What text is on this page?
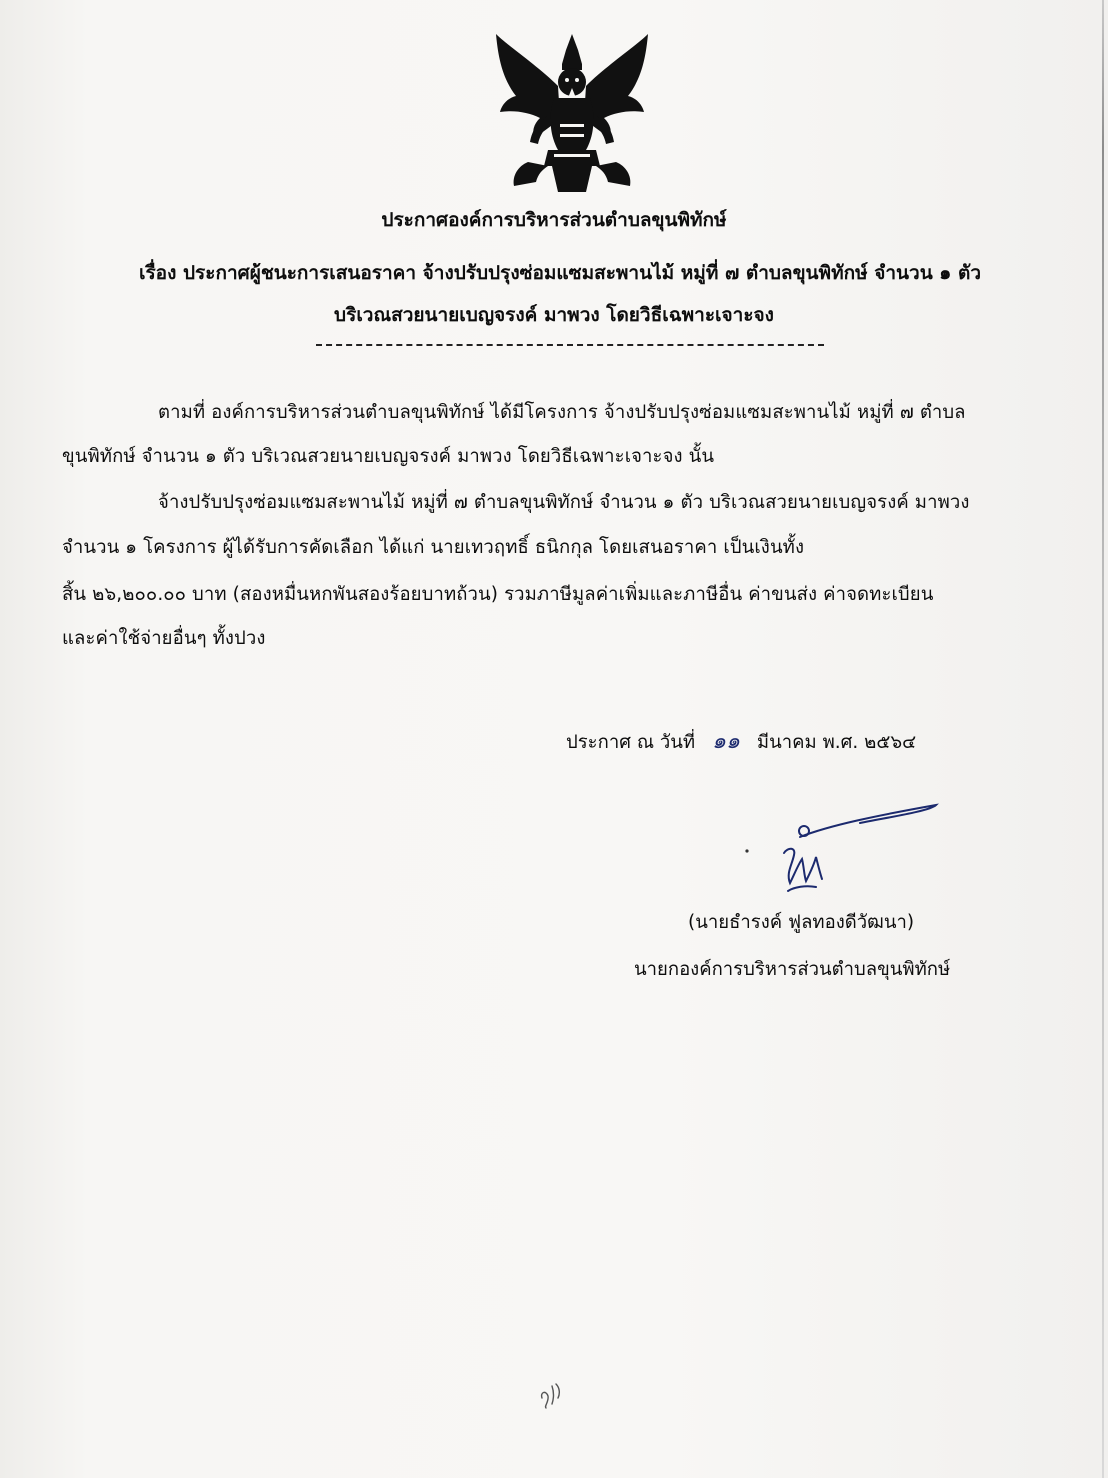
ประกาศองค์การบริหารส่วนตำบลขุนพิทักษ์
เรื่อง ประกาศผู้ชนะการเสนอราคา จ้างปรับปรุงซ่อมแซมสะพานไม้ หมู่ที่ ๗ ตำบลขุนพิทักษ์ จำนวน ๑ ตัว
บริเวณสวยนายเบญจรงค์ มาพวง โดยวิธีเฉพาะเจาะจง
ตามที่ องค์การบริหารส่วนตำบลขุนพิทักษ์ ได้มีโครงการ จ้างปรับปรุงซ่อมแซมสะพานไม้ หมู่ที่ ๗ ตำบล
ขุนพิทักษ์ จำนวน ๑ ตัว บริเวณสวยนายเบญจรงค์ มาพวง โดยวิธีเฉพาะเจาะจง นั้น
จ้างปรับปรุงซ่อมแซมสะพานไม้ หมู่ที่ ๗ ตำบลขุนพิทักษ์ จำนวน ๑ ตัว บริเวณสวยนายเบญจรงค์ มาพวง
จำนวน ๑ โครงการ ผู้ได้รับการคัดเลือก ได้แก่ นายเทวฤทธิ์ ธนิกกุล โดยเสนอราคา เป็นเงินทั้ง
สิ้น ๒๖,๒๐๐.๐๐ บาท (สองหมื่นหกพันสองร้อยบาทถ้วน) รวมภาษีมูลค่าเพิ่มและภาษีอื่น ค่าขนส่ง ค่าจดทะเบียน
และค่าใช้จ่ายอื่นๆ ทั้งปวง
ประกาศ ณ วันที่ ๑๑ มีนาคม พ.ศ. ๒๕๖๔
(นายธำรงค์ ฟูลทองดีวัฒนา)
นายกองค์การบริหารส่วนตำบลขุนพิทักษ์
